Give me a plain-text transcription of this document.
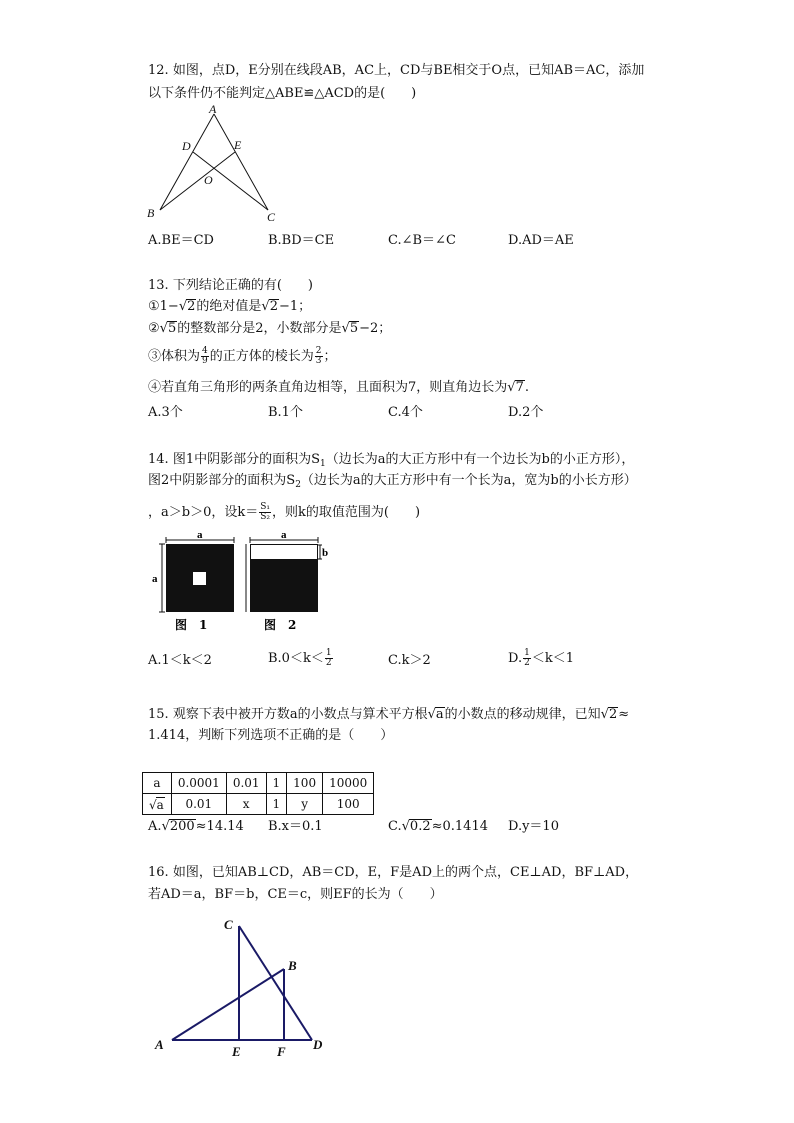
12. 如图，点D，E分别在线段AB，AC上，CD与BE相交于O点，已知AB＝AC，添加
以下条件仍不能判定△ABE≌△ACD的是(　　)
A
D	E
O
B	C
A.BE＝CD	B.BD＝CE	C.∠B＝∠C	D.AD＝AE
13. 下列结论正确的有(　　)
①1−√2的绝对值是√2−1；
②√5的整数部分是2，小数部分是√5−2；
③体积为 $\frac{4}{9}$ 的正方体的棱长为 $\frac{2}{3}$ ；
④若直角三角形的两条直角边相等，且面积为7，则直角边长为√7.
A.3个	B.1个	C.4个	D.2个
14. 图1中阴影部分的面积为$S_1$（边长为a的大正方形中有一个边长为b的小正方形），
图2中阴影部分的面积为$S_2$（边长为a的大正方形中有一个长为a，宽为b的小长方形）
，a＞b＞0，设$k= \frac{\text{S₁}}{\text{S₂}}$ ，则k的取值范围为(　　)
a
a
图　1
a
b
图　2
A.1＜k＜2	$B.0<k< \frac{1}{2}$	C.k＞2	D. $\frac{1}{2} <k<1$
15. 观察下表中被开方数a的小数点与算术平方根√a的小数点的移动规律，已知√2≈
1.414，判断下列选项不正确的是（　　）
a	0.0001	0.01	1	100	10000
√a	0.01	x	1	y	100
A.√200≈14.14 B.x＝0.1	C.√0.2≈0.1414 D.y＝10
16. 如图，已知AB⊥CD，AB＝CD，E，F是AD上的两个点，CE⊥AD，BF⊥AD，
若AD＝a，BF＝b，CE＝c，则EF的长为（　　）
C
B
A	E	F D
